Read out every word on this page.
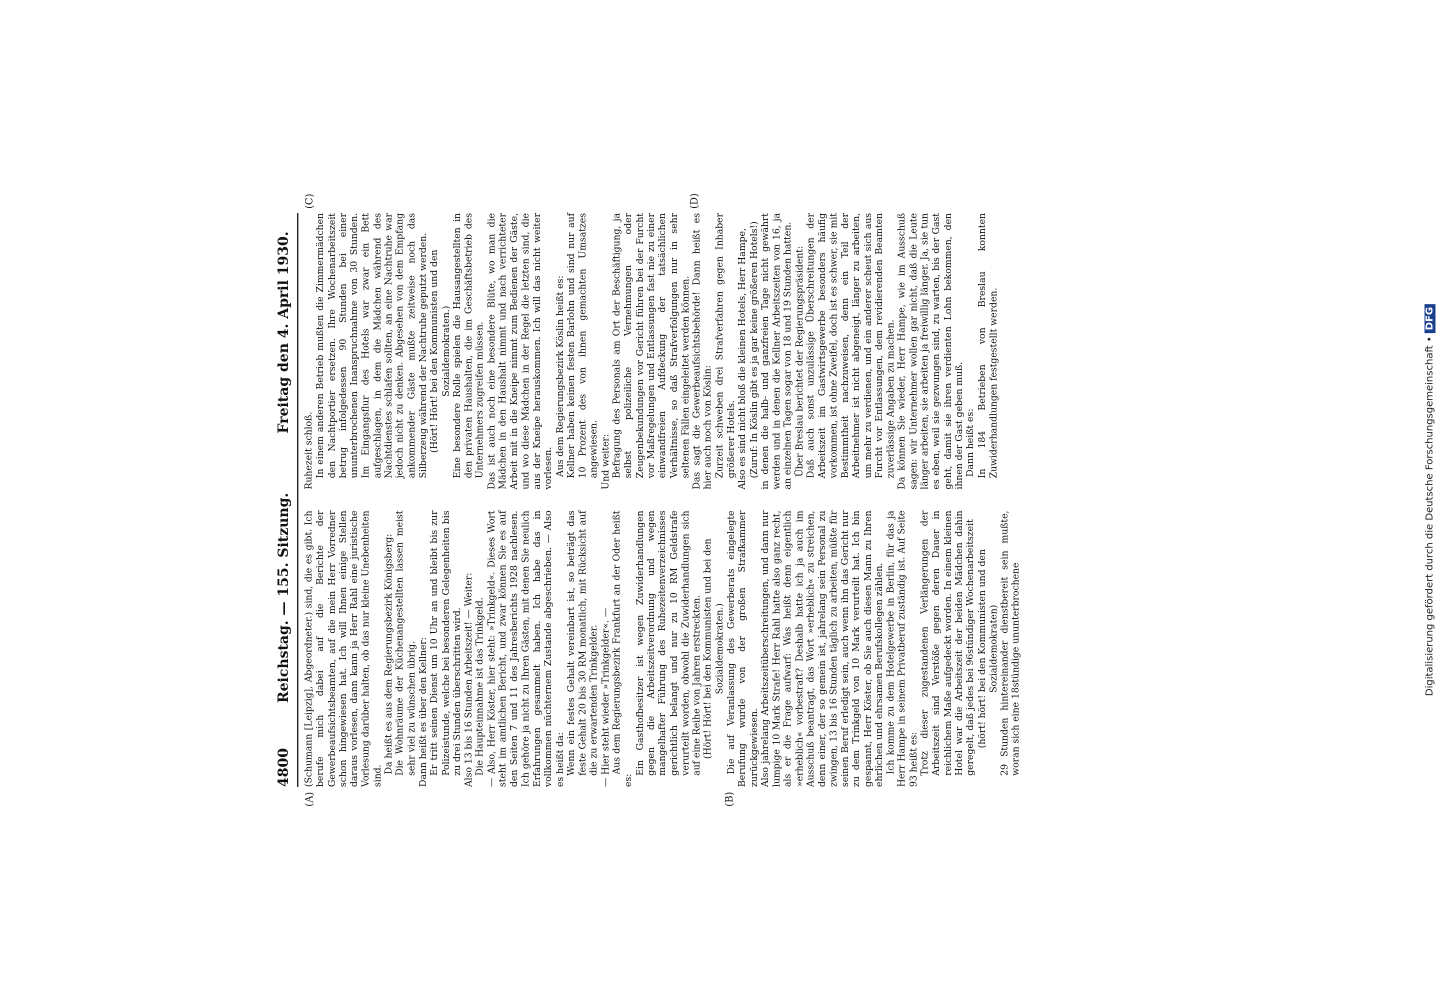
4800
Reichstag. — 155. Sitzung.
Freitag den 4. April 1930.
(A)	(B)
(C)	(D)

(Schumann [Leipzig], Abgeordneter.) sind, die es gibt. Ich berufe mich dabei auf die Berichte der Gewerbeaufsichtsbeamten, auf die mein Herr Vorredner schon hingewiesen hat. Ich will Ihnen einige Stellen daraus vorlesen, dann kann ja Herr Rahl eine juristische Vorlesung darüber halten, ob das nur kleine Unebenheiten sind.

Da heißt es aus dem Regierungsbezirk Königsberg: Die Wohnräume der Küchenangestellten lassen meist sehr viel zu wünschen übrig. Dann heißt es über den Kellner: Er tritt seinen Dienst um 10 Uhr an und bleibt bis zur Polizeistunde, welche bei besonderen Gelegenheiten bis zu drei Stunden überschritten wird. Also 13 bis 16 Stunden Arbeitszeit! — Weiter: Die Haupteinnahme ist das Trinkgeld. — Also, Herr Köster, hier steht: »Trinkgeld«. Dieses Wort steht im amtlichen Bericht, und zwar können Sie es auf den Seiten 7 und 11 des Jahresberichts 1928 nachlesen. Ich gehöre ja nicht zu Ihren Gästen, mit denen Sie neulich Erfahrungen gesammelt haben. Ich habe das in vollkommen nüchternem Zustande abgeschrieben. — Also es heißt da: Wenn ein festes Gehalt vereinbart ist, so beträgt das feste Gehalt 20 bis 30 RM monatlich, mit Rücksicht auf die zu erwartenden Trinkgelder. — Hier steht wieder »Trinkgelder«. — Aus dem Regierungsbezirk Frankfurt an der Oder heißt es:

Ein Gasthofbesitzer ist wegen Zuwiderhandlungen gegen die Arbeitszeitverordnung und wegen mangelhafter Führung des Ruhezeitenverzeichnisses gerichtlich belangt und nur zu 10 RM Geldstrafe verurteilt worden, obwohl die Zuwiderhandlungen sich auf eine Reihe von Jahren erstreckten. (Hört! Hört! bei den Kommunisten und bei den Sozialdemokraten.) Die auf Veranlassung des Gewerberats eingelegte Berufung wurde von der großen Strafkammer zurückgewiesen. Also jahrelang Arbeitszeitüberschreitungen, und dann nur lumpige 10 Mark Strafe! Herr Rahl hatte also ganz recht, als er die Frage aufwarf: Was heißt denn eigentlich »erheblich« vorbestraft? Deshalb hatte ich ja auch im Ausschuß beantragt, das Wort »erheblich« zu streichen, denn einer, der so gemein ist, jahrelang sein Personal zu zwingen, 13 bis 16 Stunden täglich zu arbeiten, müßte für seinen Beruf erledigt sein, auch wenn ihn das Gericht nur zu dem Trinkgeld von 10 Mark verurteilt hat. Ich bin gespannt, Herr Köster, ob Sie auch diesen Mann zu Ihren ehrlichen und ehrsamen Berufskollegen zählen. Ich komme zu dem Hotelgewerbe in Berlin, für das ja Herr Hampe in seinem Privatberuf zuständig ist. Auf Seite 93 heißt es: Trotz dieser zugestandenen Verlängerungen der Arbeitszeit sind Verstöße gegen deren Dauer in reichlichem Maße aufgedeckt worden. In einem kleinen Hotel war die Arbeitszeit der beiden Mädchen dahin geregelt, daß jedes bei 96stündiger Wochenarbeitszeit (hört! hört! bei den Kommunisten und den Sozialdemokraten) 29 Stunden hintereinander dienstbereit sein mußte, woran sich eine 18stündige ununterbrochene

Ruhezeit schloß. In einem anderen Betrieb mußten die Zimmermädchen den Nachtportier ersetzen. Ihre Wochenarbeitszeit betrug infolgedessen 90 Stunden bei einer ununterbrochenen Inanspruchnahme von 30 Stunden. Im Eingangsflur des Hotels war zwar ein Bett aufgeschlagen, in dem die Mädchen während des Nachtdienstes schlafen sollten, an eine Nachtruhe war jedoch nicht zu denken. Abgesehen von dem Empfang ankommender Gäste mußte zeitweise noch das Silberzeug während der Nachtruhe geputzt werden. (Hört! Hört! bei den Kommunisten und den Sozialdemokraten.) Eine besondere Rolle spielen die Hausangestellten in den privaten Haushalten, die im Geschäftsbetrieb des Unternehmers zugreifen müssen. Das ist auch noch eine besondere Blüte, wo man die Mädchen in den Haushalt nimmt und nach verrichteter Arbeit mit in die Kneipe nimmt zum Bedienen der Gäste, und wo diese Mädchen in der Regel die letzten sind, die aus der Kneipe herauskommen. Ich will das nicht weiter vorlesen. Aus dem Regierungsbezirk Köslin heißt es: Kellner haben keinen festen Barlohn und sind nur auf 10 Prozent des von ihnen gemachten Umsatzes angewiesen. Und weiter: Befragung des Personals am Ort der Beschäftigung, ja selbst polizeiliche Vernehmungen oder Zeugenbekundungen vor Gericht führen bei der Furcht vor Maßregelungen und Entlassungen fast nie zu einer einwandfreien Aufdeckung der tatsächlichen Verhältnisse, so daß Strafverfolgungen nur in sehr seltenen Fällen eingeleitet werden können. Das sagt die Gewerbeaufsichtsbehörde! Dann heißt es hier auch noch von Köslin: Zurzeit schweben drei Strafverfahren gegen Inhaber größerer Hotels. Also es sind nicht bloß die kleinen Hotels, Herr Hampe, (Zuruf: In Köslin gibt es ja gar keine größeren Hotels!) in denen die halb- und ganzfreien Tage nicht gewährt werden und in denen die Kellner Arbeitszeiten von 16, ja an einzelnen Tagen sogar von 18 und 19 Stunden hatten. Über Breslau berichtet der Regierungspräsident: Daß auch sonst unzulässige Überschreitungen der Arbeitszeit im Gastwirtsgewerbe besonders häufig vorkommen, ist ohne Zweifel, doch ist es schwer, sie mit Bestimmtheit nachzuweisen, denn ein Teil der Arbeitnehmer ist nicht abgeneigt, länger zu arbeiten, um mehr zu verdienen, und ein anderer scheut sich aus Furcht vor Entlassungen, dem revidierenden Beamten zuverlässige Angaben zu machen. Da können Sie wieder, Herr Hampe, wie im Ausschuß sagen: wir Unternehmer wollen gar nicht, daß die Leute länger arbeiten, sie arbeiten ja freiwillig länger. Ja, sie tun es eben, weil sie gezwungen sind, zu warten, bis der Gast geht, damit sie ihren verdienten Lohn bekommen, den ihnen der Gast geben muß. Dann heißt es: In 184 Betrieben von Breslau konnten Zuwiderhandlungen festgestellt werden.	Digitalisierung gefördert durch die Deutsche Forschungsgemeinschaft •DFG
